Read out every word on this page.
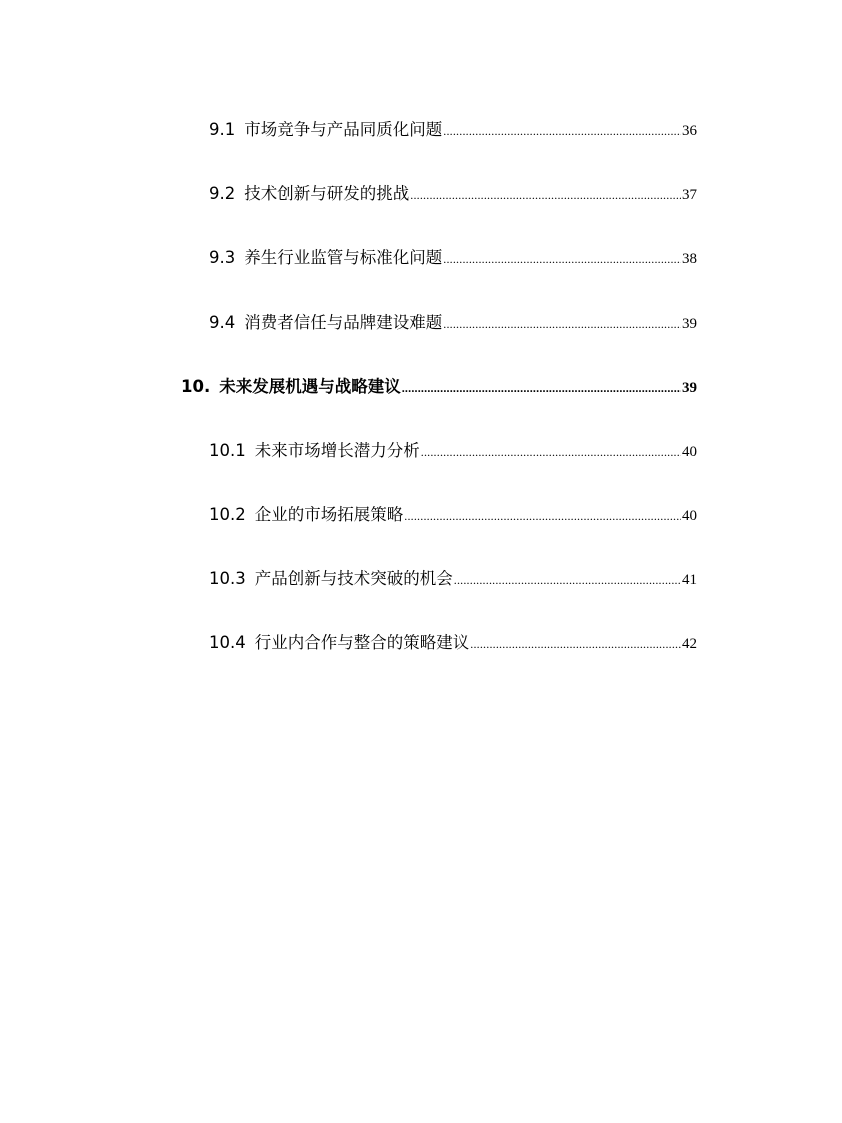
9.1 市场竞争与产品同质化问题 .....	36
9.2 技术创新与研发的挑战 .....	37
9.3 养生行业监管与标准化问题 .....	38
9.4 消费者信任与品牌建设难题 .....	39
10. 未来发展机遇与战略建议 .....	39
10.1 未来市场增长潜力分析 .....	40
10.2 企业的市场拓展策略 .....	40
10.3 产品创新与技术突破的机会 .....	41
10.4 行业内合作与整合的策略建议 .....	42
